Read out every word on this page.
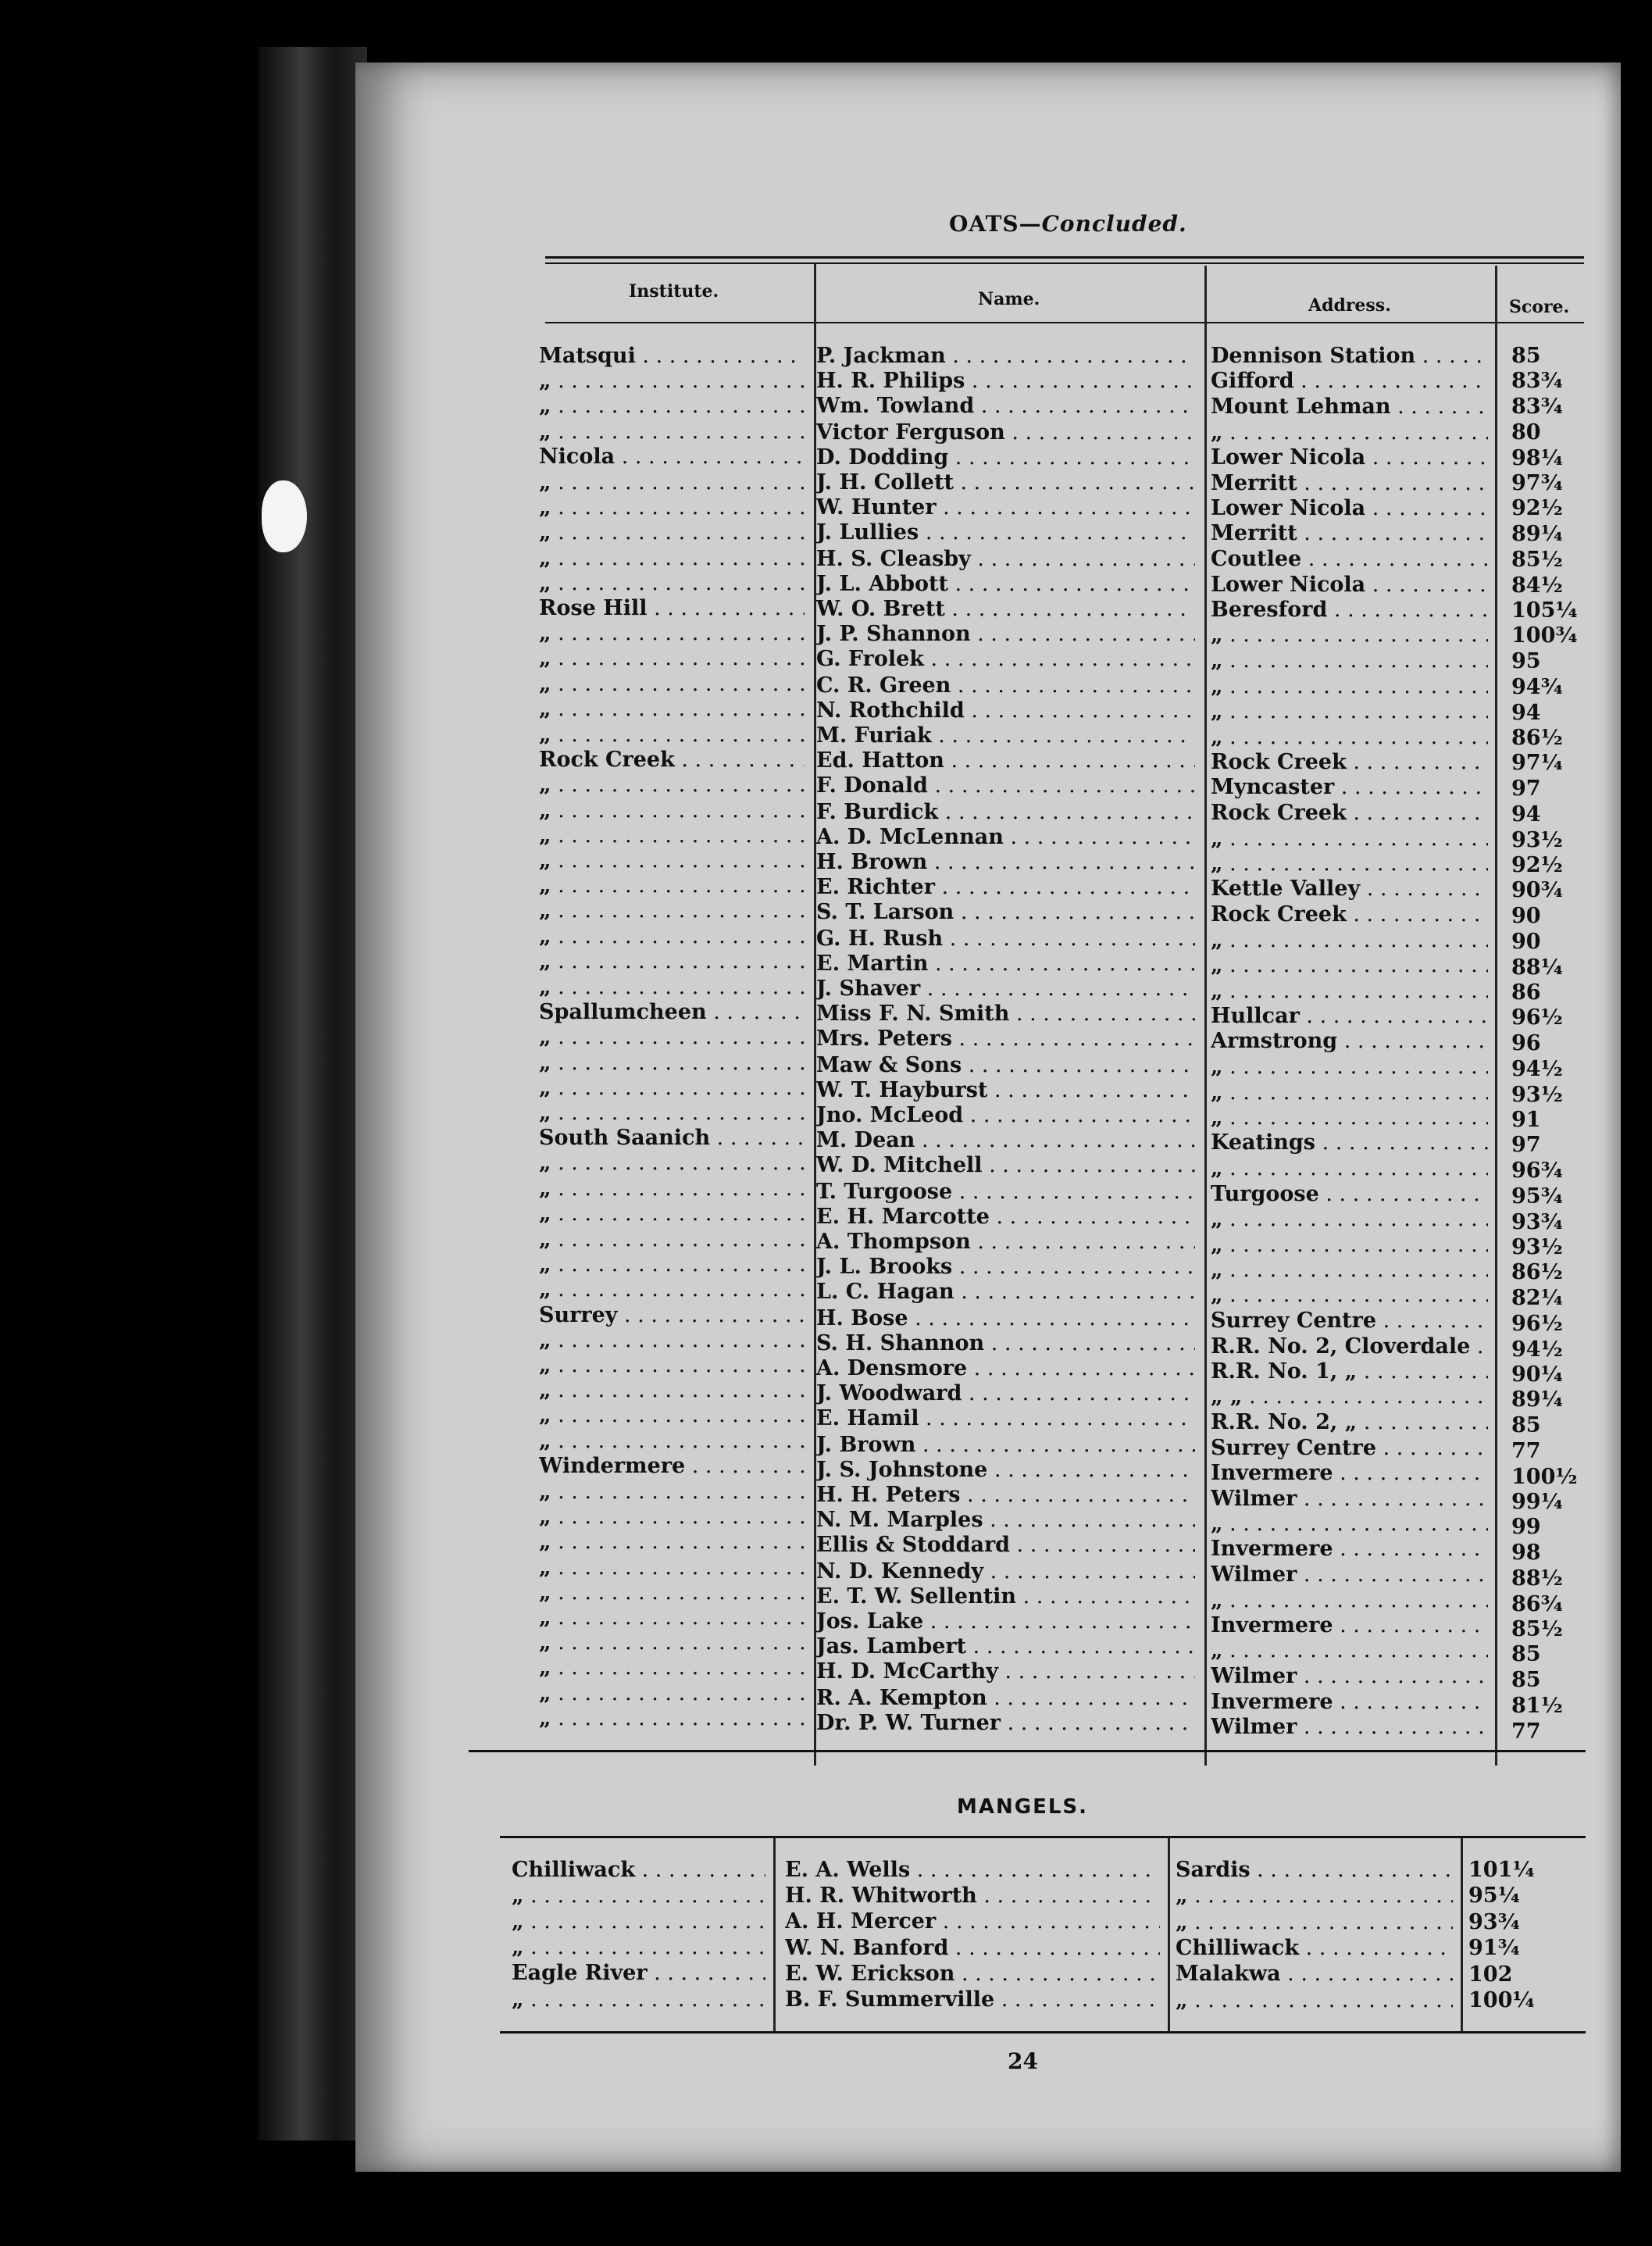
OATS—Concluded.
Institute.	Name.	Address.	Score.
Matsqui . . .	P. Jackman . . .	Dennison Station . . .	85
„ . . .	H. R. Philips . . .	Gifford . . .	83¾
„ . . .	Wm. Towland . . .	Mount Lehman . . .	83¾
„ . . .	Victor Ferguson . . .	„ . . .	80
Nicola . . .	D. Dodding . . .	Lower Nicola . . .	98¼
„ . . .	J. H. Collett . . .	Merritt . . .	97¾
„ . . .	W. Hunter . . .	Lower Nicola . . .	92½
„ . . .	J. Lullies . . .	Merritt . . .	89¼
„ . . .	H. S. Cleasby . . .	Coutlee . . .	85½
„ . . .	J. L. Abbott . . .	Lower Nicola . . .	84½
Rose Hill . . .	W. O. Brett . . .	Beresford . . .	105¼
„ . . .	J. P. Shannon . . .	„ . . .	100¾
„ . . .	G. Frolek . . .	„ . . .	95
„ . . .	C. R. Green . . .	„ . . .	94¾
„ . . .	N. Rothchild . . .	„ . . .	94
„ . . .	M. Furiak . . .	„ . . .	86½
Rock Creek . . .	Ed. Hatton . . .	Rock Creek . . .	97¼
„ . . .	F. Donald . . .	Myncaster . . .	97
„ . . .	F. Burdick . . .	Rock Creek . . .	94
„ . . .	A. D. McLennan . . .	„ . . .	93½
„ . . .	H. Brown . . .	„ . . .	92½
„ . . .	E. Richter . . .	Kettle Valley . . .	90¾
„ . . .	S. T. Larson . . .	Rock Creek . . .	90
„ . . .	G. H. Rush . . .	„ . . .	90
„ . . .	E. Martin . . .	„ . . .	88¼
„ . . .	J. Shaver . . .	„ . . .	86
Spallumcheen . . .	Miss F. N. Smith . . .	Hullcar . . .	96½
„ . . .	Mrs. Peters . . .	Armstrong . . .	96
„ . . .	Maw & Sons . . .	„ . . .	94½
„ . . .	W. T. Hayburst . . .	„ . . .	93½
„ . . .	Jno. McLeod . . .	„ . . .	91
South Saanich . . .	M. Dean . . .	Keatings . . .	97
„ . . .	W. D. Mitchell . . .	„ . . .	96¾
„ . . .	T. Turgoose . . .	Turgoose . . .	95¾
„ . . .	E. H. Marcotte . . .	„ . . .	93¾
„ . . .	A. Thompson . . .	„ . . .	93½
„ . . .	J. L. Brooks . . .	„ . . .	86½
„ . . .	L. C. Hagan . . .	„ . . .	82¼
Surrey . . .	H. Bose . . .	Surrey Centre . . .	96½
„ . . .	S. H. Shannon . . .	R.R. No. 2, Cloverdale . . .	94½
„ . . .	A. Densmore . . .	R.R. No. 1, „ . . .	90¼
„ . . .	J. Woodward . . .	„ „ . . .	89¼
„ . . .	E. Hamil . . .	R.R. No. 2, „ . . .	85
„ . . .	J. Brown . . .	Surrey Centre . . .	77
Windermere . . .	J. S. Johnstone . . .	Invermere . . .	100½
„ . . .	H. H. Peters . . .	Wilmer . . .	99¼
„ . . .	N. M. Marples . . .	„ . . .	99
„ . . .	Ellis & Stoddard . . .	Invermere . . .	98
„ . . .	N. D. Kennedy . . .	Wilmer . . .	88½
„ . . .	E. T. W. Sellentin . . .	„ . . .	86¾
„ . . .	Jos. Lake . . .	Invermere . . .	85½
„ . . .	Jas. Lambert . . .	„ . . .	85
„ . . .	H. D. McCarthy . . .	Wilmer . . .	85
„ . . .	R. A. Kempton . . .	Invermere . . .	81½
„ . . .	Dr. P. W. Turner . . .	Wilmer . . .	77
MANGELS.
Chilliwack . . .	E. A. Wells . . .	Sardis . . .	101¼
„ . . .	H. R. Whitworth . . .	„ . . .	95¼
„ . . .	A. H. Mercer . . .	„ . . .	93¾
„ . . .	W. N. Banford . . .	Chilliwack . . .	91¾
Eagle River . . .	E. W. Erickson . . .	Malakwa . . .	102
„ . . .	B. F. Summerville . . .	„ . . .	100¼
24
